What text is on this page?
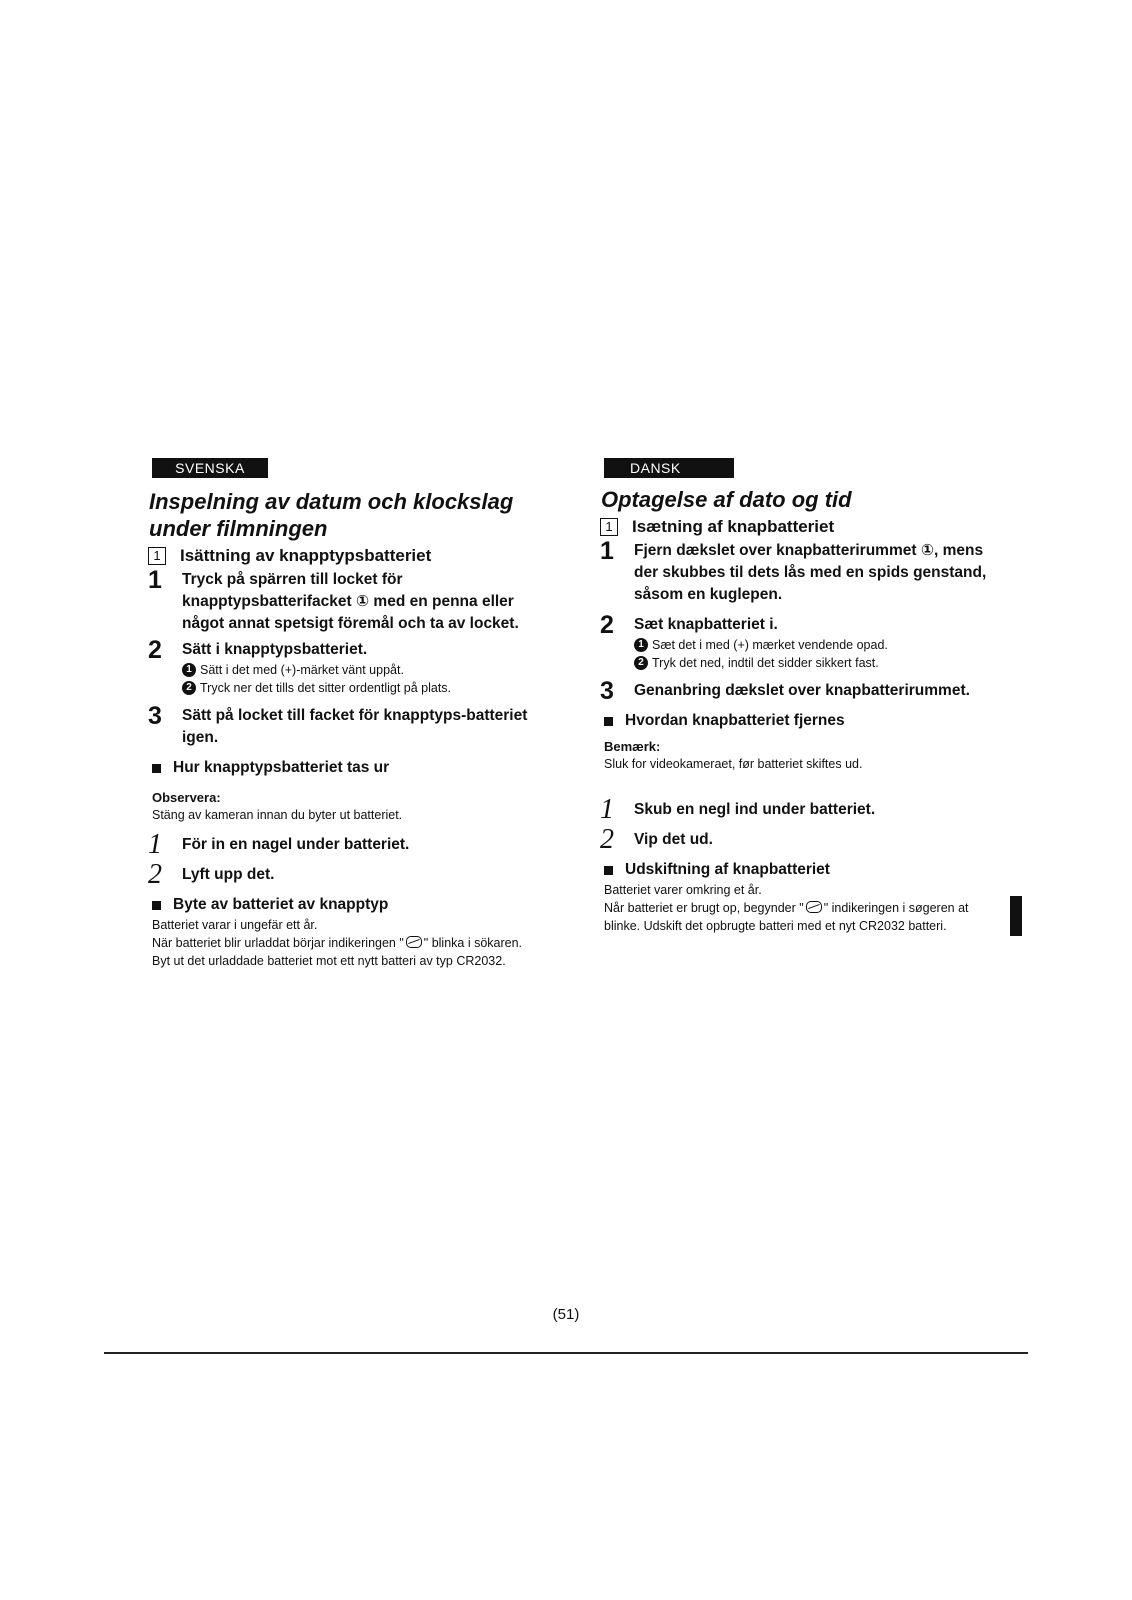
SVENSKA
Inspelning av datum och klockslag
under filmningen
1	Isättning av knapptypsbatteriet
1	Tryck på spärren till locket för knapptypsbatterifacket ① med en penna eller något annat spetsigt föremål och ta av locket.
2	Sätt i knapptypsbatteriet.
1 Sätt i det med (+)-märket vänt uppåt.
2 Tryck ner det tills det sitter ordentligt på plats.
3	Sätt på locket till facket för knapptyps-batteriet igen.
Hur knapptypsbatteriet tas ur
Observera:
Stäng av kameran innan du byter ut batteriet.
1	För in en nagel under batteriet.
2	Lyft upp det.
Byte av batteriet av knapptyp
Batteriet varar i ungefär ett år.
När batteriet blir urladdat börjar indikeringen " " blinka i sökaren. Byt ut det urladdade batteriet mot ett nytt batteri av typ CR2032.
DANSK
Optagelse af dato og tid
1	Isætning af knapbatteriet
1	Fjern dækslet over knapbatterirummet ①, mens der skubbes til dets lås med en spids genstand, såsom en kuglepen.
2	Sæt knapbatteriet i.
1 Sæt det i med (+) mærket vendende opad.
2 Tryk det ned, indtil det sidder sikkert fast.
3	Genanbring dækslet over knapbatterirummet.
Hvordan knapbatteriet fjernes
Bemærk:
Sluk for videokameraet, før batteriet skiftes ud.
1	Skub en negl ind under batteriet.
2	Vip det ud.
Udskiftning af knapbatteriet
Batteriet varer omkring et år.
Når batteriet er brugt op, begynder " " indikeringen i søgeren at blinke. Udskift det opbrugte batteri med et nyt CR2032 batteri.
(51)
